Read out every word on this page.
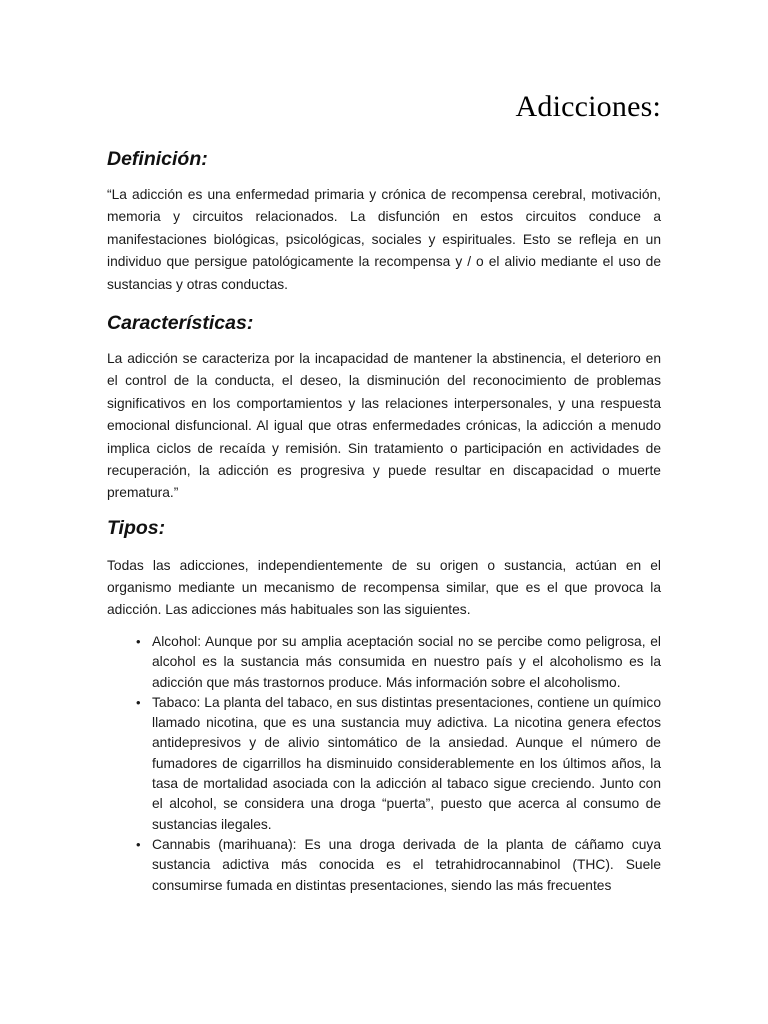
Adicciones:
Definición:

“La adicción es una enfermedad primaria y crónica de recompensa cerebral, motivación, memoria y circuitos relacionados. La disfunción en estos circuitos conduce a manifestaciones biológicas, psicológicas, sociales y espirituales. Esto se refleja en un individuo que persigue patológicamente la recompensa y / o el alivio mediante el uso de sustancias y otras conductas.

Características:

La adicción se caracteriza por la incapacidad de mantener la abstinencia, el deterioro en el control de la conducta, el deseo, la disminución del reconocimiento de problemas significativos en los comportamientos y las relaciones interpersonales, y una respuesta emocional disfuncional. Al igual que otras enfermedades crónicas, la adicción a menudo implica ciclos de recaída y remisión. Sin tratamiento o participación en actividades de recuperación, la adicción es progresiva y puede resultar en discapacidad o muerte prematura.”

Tipos:

Todas las adicciones, independientemente de su origen o sustancia, actúan en el organismo mediante un mecanismo de recompensa similar, que es el que provoca la adicción. Las adicciones más habituales son las siguientes.

• Alcohol: Aunque por su amplia aceptación social no se percibe como peligrosa, el alcohol es la sustancia más consumida en nuestro país y el alcoholismo es la adicción que más trastornos produce. Más información sobre el alcoholismo.
• Tabaco: La planta del tabaco, en sus distintas presentaciones, contiene un químico llamado nicotina, que es una sustancia muy adictiva. La nicotina genera efectos antidepresivos y de alivio sintomático de la ansiedad. Aunque el número de fumadores de cigarrillos ha disminuido considerablemente en los últimos años, la tasa de mortalidad asociada con la adicción al tabaco sigue creciendo. Junto con el alcohol, se considera una droga “puerta”, puesto que acerca al consumo de sustancias ilegales.
• Cannabis (marihuana): Es una droga derivada de la planta de cáñamo cuya sustancia adictiva más conocida es el tetrahidrocannabinol (THC). Suele consumirse fumada en distintas presentaciones, siendo las más frecuentes
